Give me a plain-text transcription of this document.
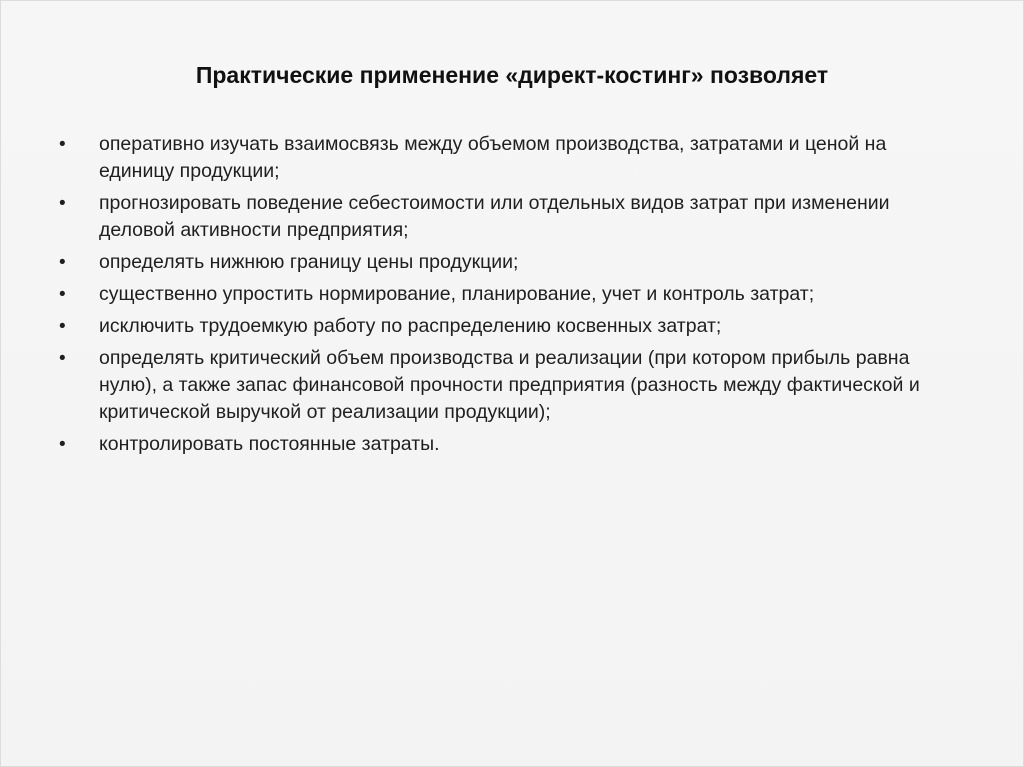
Практические применение «директ-костинг» позволяет
•	оперативно изучать взаимосвязь между объемом производства, затратами и ценой на единицу продукции;
•	прогнозировать поведение себестоимости или отдельных видов затрат при изменении деловой активности предприятия;
•	определять нижнюю границу цены продукции;
•	существенно упростить нормирование, планирование, учет и контроль затрат;
•	исключить трудоемкую работу по распределению косвенных затрат;
•	определять критический объем производства и реализации (при котором прибыль равна нулю), а также запас финансовой прочности предприятия (разность между фактической и критической выручкой от реализации продукции);
•	контролировать постоянные затраты.
